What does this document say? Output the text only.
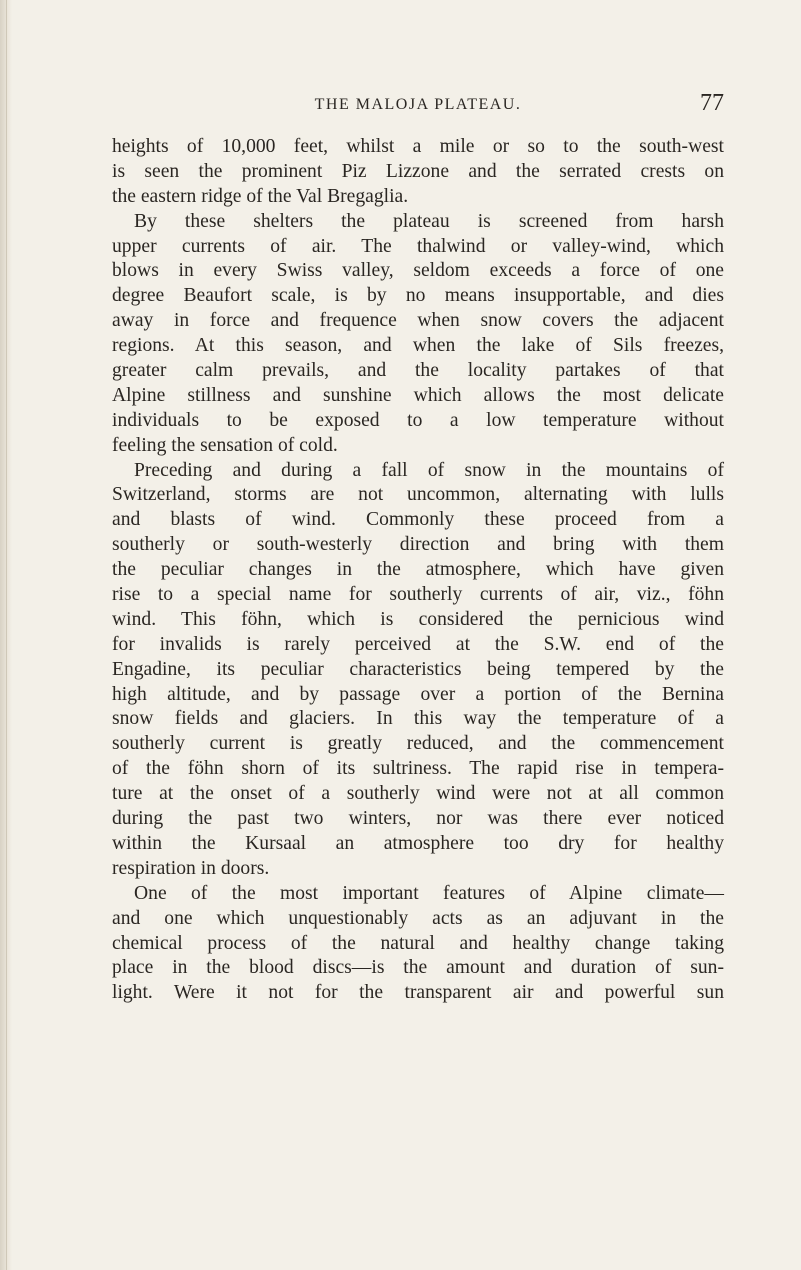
THE MALOJA PLATEAU.	77
heights of 10,000 feet, whilst a mile or so to the south-west
is seen the prominent Piz Lizzone and the serrated crests on
the eastern ridge of the Val Bregaglia.
By these shelters the plateau is screened from harsh
upper currents of air. The thalwind or valley-wind, which
blows in every Swiss valley, seldom exceeds a force of one
degree Beaufort scale, is by no means insupportable, and dies
away in force and frequence when snow covers the adjacent
regions. At this season, and when the lake of Sils freezes,
greater calm prevails, and the locality partakes of that
Alpine stillness and sunshine which allows the most delicate
individuals to be exposed to a low temperature without
feeling the sensation of cold.
Preceding and during a fall of snow in the mountains of
Switzerland, storms are not uncommon, alternating with lulls
and blasts of wind. Commonly these proceed from a
southerly or south-westerly direction and bring with them
the peculiar changes in the atmosphere, which have given
rise to a special name for southerly currents of air, viz., föhn
wind. This föhn, which is considered the pernicious wind
for invalids is rarely perceived at the S.W. end of the
Engadine, its peculiar characteristics being tempered by the
high altitude, and by passage over a portion of the Bernina
snow fields and glaciers. In this way the temperature of a
southerly current is greatly reduced, and the commencement
of the föhn shorn of its sultriness. The rapid rise in tempera-
ture at the onset of a southerly wind were not at all common
during the past two winters, nor was there ever noticed
within the Kursaal an atmosphere too dry for healthy
respiration in doors.
One of the most important features of Alpine climate—
and one which unquestionably acts as an adjuvant in the
chemical process of the natural and healthy change taking
place in the blood discs—is the amount and duration of sun-
light. Were it not for the transparent air and powerful sun
